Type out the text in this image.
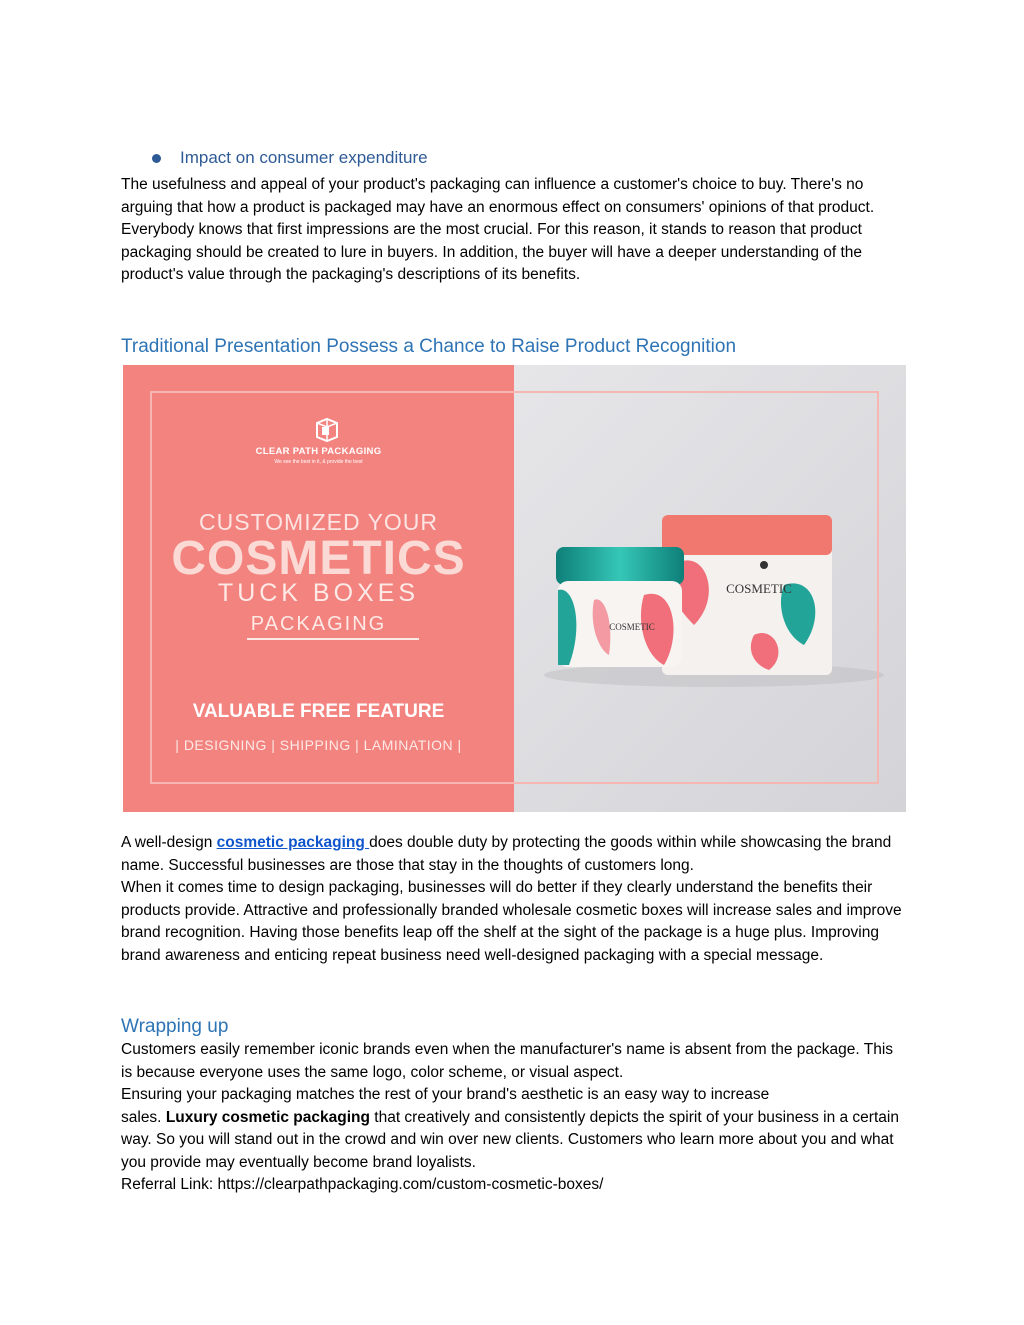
Impact on consumer expenditure

The usefulness and appeal of your product's packaging can influence a customer's choice to buy. There's no arguing that how a product is packaged may have an enormous effect on consumers' opinions of that product.

Everybody knows that first impressions are the most crucial. For this reason, it stands to reason that product packaging should be created to lure in buyers. In addition, the buyer will have a deeper understanding of the product's value through the packaging's descriptions of its benefits.

Traditional Presentation Possess a Chance to Raise Product Recognition
CLEAR PATH PACKAGING
We see the best in it, & provide the best
CUSTOMIZED YOUR
COSMETICS
TUCK BOXES
PACKAGING
VALUABLE FREE FEATURE
| DESIGNING | SHIPPING | LAMINATION |
COSMETIC
COSMETIC

A well-design cosmetic packaging does double duty by protecting the goods within while showcasing the brand name. Successful businesses are those that stay in the thoughts of customers long.

When it comes time to design packaging, businesses will do better if they clearly understand the benefits their products provide. Attractive and professionally branded wholesale cosmetic boxes will increase sales and improve brand recognition. Having those benefits leap off the shelf at the sight of the package is a huge plus. Improving brand awareness and enticing repeat business need well-designed packaging with a special message.

Wrapping up

Customers easily remember iconic brands even when the manufacturer's name is absent from the package. This is because everyone uses the same logo, color scheme, or visual aspect.

Ensuring your packaging matches the rest of your brand's aesthetic is an easy way to increase
sales. Luxury cosmetic packaging that creatively and consistently depicts the spirit of your business in a certain way. So you will stand out in the crowd and win over new clients. Customers who learn more about you and what you provide may eventually become brand loyalists.

Referral Link: https://clearpathpackaging.com/custom-cosmetic-boxes/
